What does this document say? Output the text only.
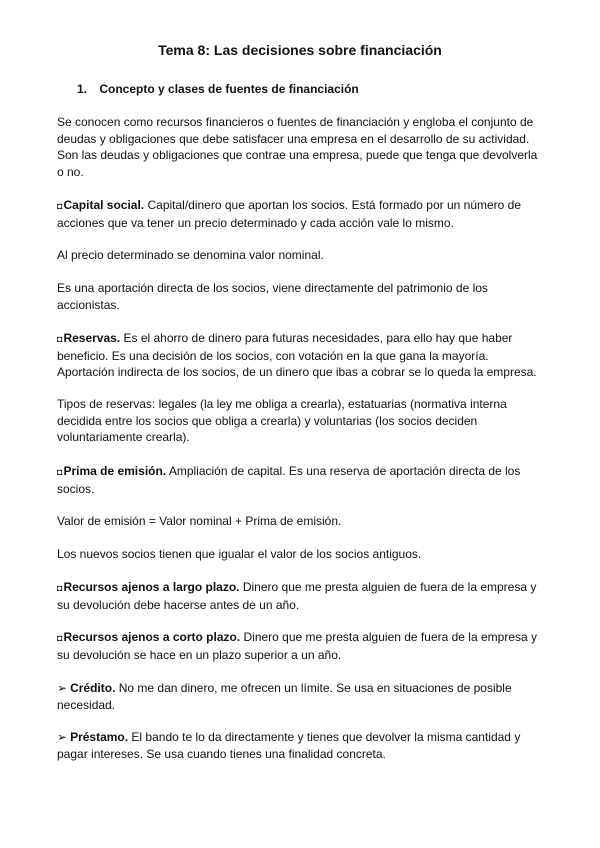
Tema 8: Las decisiones sobre financiación
1. Concepto y clases de fuentes de financiación

Se conocen como recursos financieros o fuentes de financiación y engloba el conjunto de deudas y obligaciones que debe satisfacer una empresa en el desarrollo de su actividad. Son las deudas y obligaciones que contrae una empresa, puede que tenga que devolverla o no.

◘Capital social. Capital/dinero que aportan los socios. Está formado por un número de acciones que va tener un precio determinado y cada acción vale lo mismo.

Al precio determinado se denomina valor nominal.

Es una aportación directa de los socios, viene directamente del patrimonio de los accionistas.

◘Reservas. Es el ahorro de dinero para futuras necesidades, para ello hay que haber beneficio. Es una decisión de los socios, con votación en la que gana la mayoría. Aportación indirecta de los socios, de un dinero que ibas a cobrar se lo queda la empresa.

Tipos de reservas: legales (la ley me obliga a crearla), estatuarias (normativa interna decidida entre los socios que obliga a crearla) y voluntarias (los socios deciden voluntariamente crearla).

◘Prima de emisión. Ampliación de capital. Es una reserva de aportación directa de los socios.

Valor de emisión = Valor nominal + Prima de emisión.

Los nuevos socios tienen que igualar el valor de los socios antiguos.

◘Recursos ajenos a largo plazo. Dinero que me presta alguien de fuera de la empresa y su devolución debe hacerse antes de un año.

◘Recursos ajenos a corto plazo. Dinero que me presta alguien de fuera de la empresa y su devolución se hace en un plazo superior a un año.

➢ Crédito. No me dan dinero, me ofrecen un límite. Se usa en situaciones de posible necesidad.

➢ Préstamo. El bando te lo da directamente y tienes que devolver la misma cantidad y pagar intereses. Se usa cuando tienes una finalidad concreta.
